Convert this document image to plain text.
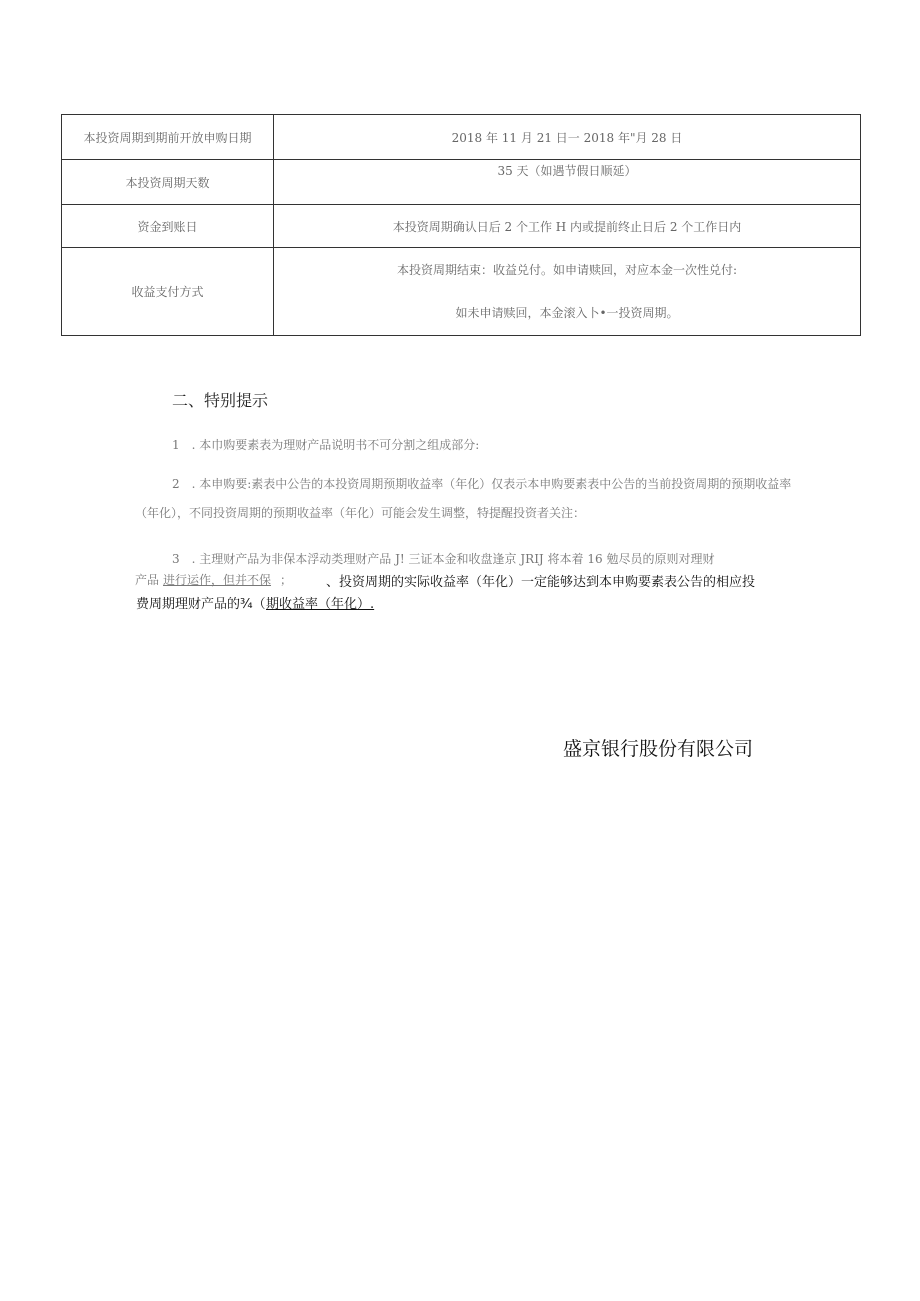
本投资周期到期前开放申购日期	2018 年 11 月 21 日一 2018 年"月 28 日
本投资周期天数	35 天（如遇节假日顺延）

资金到账日	本投资周期确认日后 2 个工作 H 内或提前终止日后 2 个工作日内
收益支付方式	本投资周期结束：收益兑付。如申请赎回，对应本金一次性兑付:
如未申请赎回，本金滚入卜•一投资周期。
二、特别提示
1　. 本巾购要素表为理财产品说明书不可分割之组成部分:
2　. 本申购要:素表中公告的本投资周期预期收益率（年化）仅表示本申购要素表中公告的当前投资周期的预期收益率
（年化），不同投资周期的预期收益率（年化）可能会发生调整，特提醒投资者关注：
3　. 主理财产品为非保本浮动类理财产品 J! 三证本金和收盘逢京 JRIJ 将本着 16 勉尽员的原则对理财
产品 进行运作 ，但并不保 ；	、投资周期的实际收益率（年化）一定能够达到本申购要素表公告的相应投
费周期理财产品的¾（ 期收益率（年化）.
盛京银行股份有限公司
